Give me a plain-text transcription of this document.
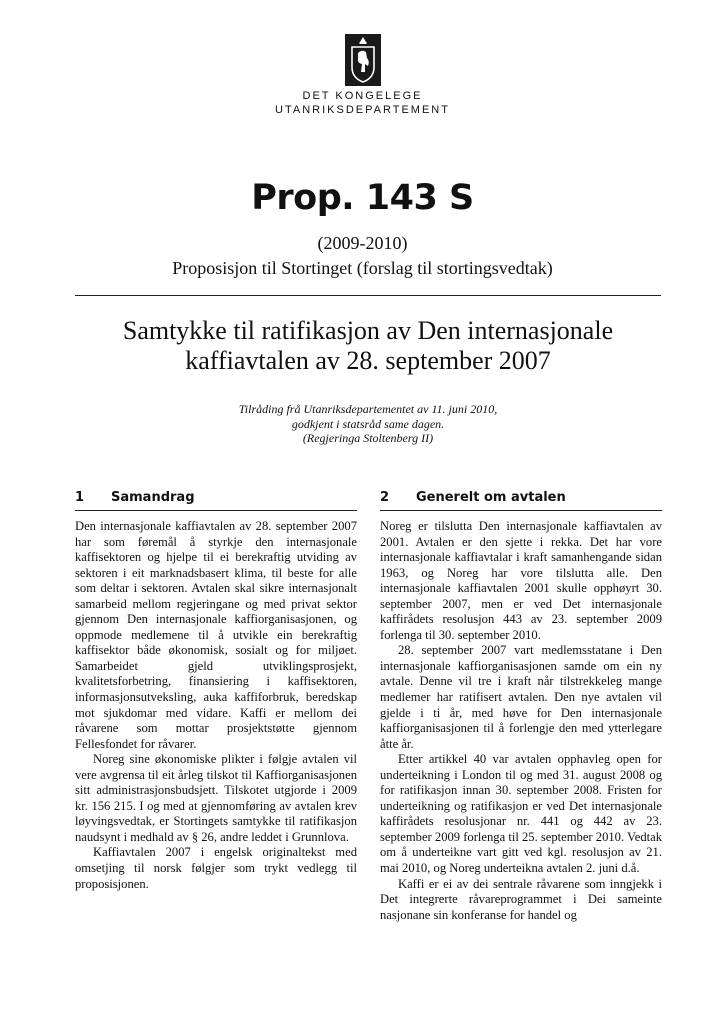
DET KONGELEGE
UTANRIKSDEPARTEMENT
Prop. 143 S
(2009-2010)
Proposisjon til Stortinget (forslag til stortingsvedtak)
Samtykke til ratifikasjon av Den internasjonale kaffiavtalen av 28. september 2007
Tilråding frå Utanriksdepartementet av 11. juni 2010,
godkjent i statsråd same dagen.
(Regjeringa Stoltenberg II)
1 Samandrag

Den internasjonale kaffiavtalen av 28. september 2007 har som føremål å styrkje den internasjonale kaffisektoren og hjelpe til ei berekraftig utviding av sektoren i eit marknadsbasert klima, til beste for alle som deltar i sektoren. Avtalen skal sikre internasjonalt samarbeid mellom regjeringane og med privat sektor gjennom Den internasjonale kaffiorganisasjonen, og oppmode medlemene til å utvikle ein berekraftig kaffisektor både økonomisk, sosialt og for miljøet. Samarbeidet gjeld utviklingsprosjekt, kvalitetsforbetring, finansiering i kaffisektoren, informasjonsutveksling, auka kaffiforbruk, beredskap mot sjukdomar med vidare. Kaffi er mellom dei råvarene som mottar prosjektstøtte gjennom Fellesfondet for råvarer.

Noreg sine økonomiske plikter i følgje avtalen vil vere avgrensa til eit årleg tilskot til Kaffiorganisasjonen sitt administrasjonsbudsjett. Tilskotet utgjorde i 2009 kr. 156 215. I og med at gjennomføring av avtalen krev løyvingsvedtak, er Stortingets samtykke til ratifikasjon naudsynt i medhald av § 26, andre leddet i Grunnlova.

Kaffiavtalen 2007 i engelsk originaltekst med omsetjing til norsk følgjer som trykt vedlegg til proposisjonen.

2 Generelt om avtalen

Noreg er tilslutta Den internasjonale kaffiavtalen av 2001. Avtalen er den sjette i rekka. Det har vore internasjonale kaffiavtalar i kraft samanhengande sidan 1963, og Noreg har vore tilslutta alle. Den internasjonale kaffiavtalen 2001 skulle opphøyrt 30. september 2007, men er ved Det internasjonale kaffirådets resolusjon 443 av 23. september 2009 forlenga til 30. september 2010.

28. september 2007 vart medlemsstatane i Den internasjonale kaffiorganisasjonen samde om ein ny avtale. Denne vil tre i kraft når tilstrekkeleg mange medlemer har ratifisert avtalen. Den nye avtalen vil gjelde i ti år, med høve for Den internasjonale kaffiorganisasjonen til å forlengje den med ytterlegare åtte år.

Etter artikkel 40 var avtalen opphavleg open for underteikning i London til og med 31. august 2008 og for ratifikasjon innan 30. september 2008. Fristen for underteikning og ratifikasjon er ved Det internasjonale kaffirådets resolusjonar nr. 441 og 442 av 23. september 2009 forlenga til 25. september 2010. Vedtak om å underteikne vart gitt ved kgl. resolusjon av 21. mai 2010, og Noreg underteikna avtalen 2. juni d.å.

Kaffi er ei av dei sentrale råvarene som inngjekk i Det integrerte råvareprogrammet i Dei sameinte nasjonane sin konferanse for handel og
